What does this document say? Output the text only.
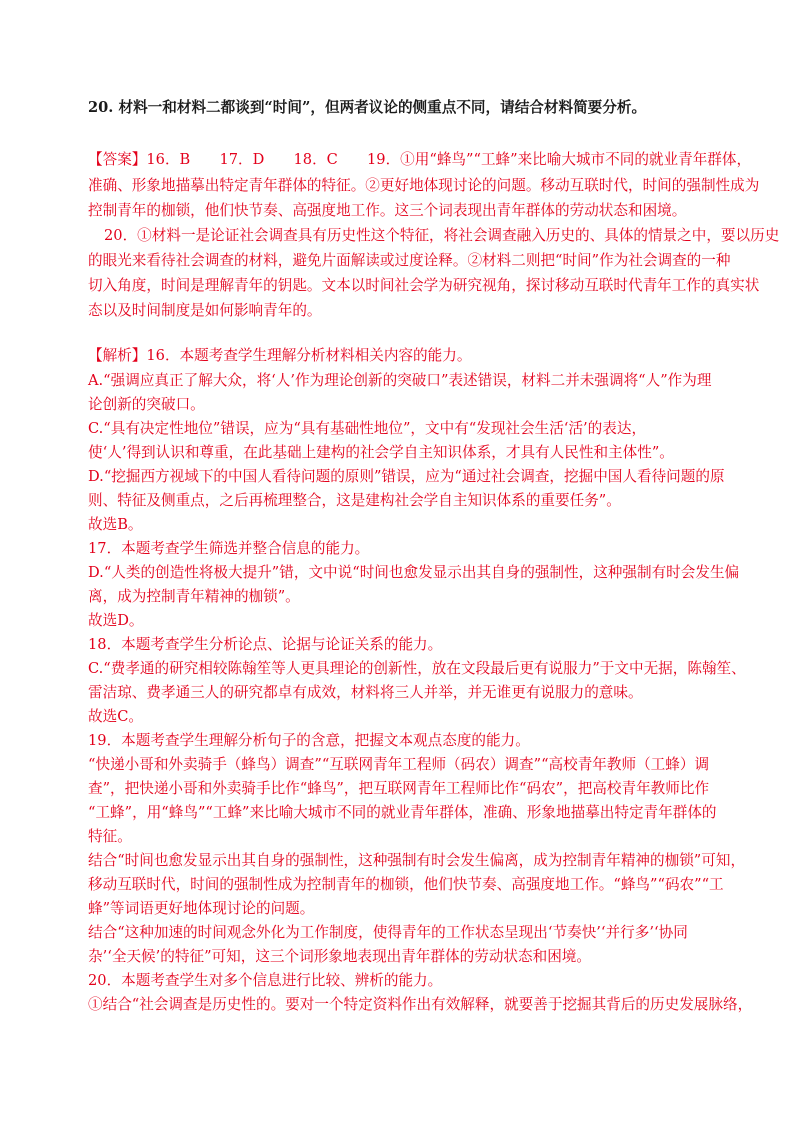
20. 材料一和材料二都谈到“时间”，但两者议论的侧重点不同，请结合材料简要分析。
【答案】16．B　　17．D　　18．C　　19．①用“蜂鸟”“工蜂”来比喻大城市不同的就业青年群体，
准确、形象地描摹出特定青年群体的特征。②更好地体现讨论的问题。移动互联时代，时间的强制性成为
控制青年的枷锁，他们快节奏、高强度地工作。这三个词表现出青年群体的劳动状态和困境。
20．①材料一是论证社会调查具有历史性这个特征，将社会调查融入历史的、具体的情景之中，要以历史
的眼光来看待社会调查的材料，避免片面解读或过度诠释。②材料二则把“时间”作为社会调查的一种
切入角度，时间是理解青年的钥匙。文本以时间社会学为研究视角，探讨移动互联时代青年工作的真实状
态以及时间制度是如何影响青年的。
【解析】16．本题考查学生理解分析材料相关内容的能力。
A.“强调应真正了解大众，将‘人’作为理论创新的突破口”表述错误，材料二并未强调将“人”作为理
论创新的突破口。
C.“具有决定性地位”错误，应为“具有基础性地位”，文中有“发现社会生活‘活’的表达，
使‘人’得到认识和尊重，在此基础上建构的社会学自主知识体系，才具有人民性和主体性”。
D.“挖掘西方视域下的中国人看待问题的原则”错误，应为“通过社会调查，挖掘中国人看待问题的原
则、特征及侧重点，之后再梳理整合，这是建构社会学自主知识体系的重要任务”。
故选B。
17．本题考查学生筛选并整合信息的能力。
D.“人类的创造性将极大提升”错，文中说“时间也愈发显示出其自身的强制性，这种强制有时会发生偏
离，成为控制青年精神的枷锁”。
故选D。
18．本题考查学生分析论点、论据与论证关系的能力。
C.“费孝通的研究相较陈翰笙等人更具理论的创新性，放在文段最后更有说服力”于文中无据，陈翰笙、
雷洁琼、费孝通三人的研究都卓有成效，材料将三人并举，并无谁更有说服力的意味。
故选C。
19．本题考查学生理解分析句子的含意，把握文本观点态度的能力。
“快递小哥和外卖骑手（蜂鸟）调查”“互联网青年工程师（码农）调查”“高校青年教师（工蜂）调
查”，把快递小哥和外卖骑手比作“蜂鸟”，把互联网青年工程师比作“码农”，把高校青年教师比作
“工蜂”，用“蜂鸟”“工蜂”来比喻大城市不同的就业青年群体，准确、形象地描摹出特定青年群体的
特征。
结合“时间也愈发显示出其自身的强制性，这种强制有时会发生偏离，成为控制青年精神的枷锁”可知，
移动互联时代，时间的强制性成为控制青年的枷锁，他们快节奏、高强度地工作。“蜂鸟”“码农”“工
蜂”等词语更好地体现讨论的问题。
结合“这种加速的时间观念外化为工作制度，使得青年的工作状态呈现出‘节奏快’‘并行多’‘协同
杂’‘全天候’的特征”可知，这三个词形象地表现出青年群体的劳动状态和困境。
20．本题考查学生对多个信息进行比较、辨析的能力。
①结合“社会调查是历史性的。要对一个特定资料作出有效解释，就要善于挖掘其背后的历史发展脉络，
